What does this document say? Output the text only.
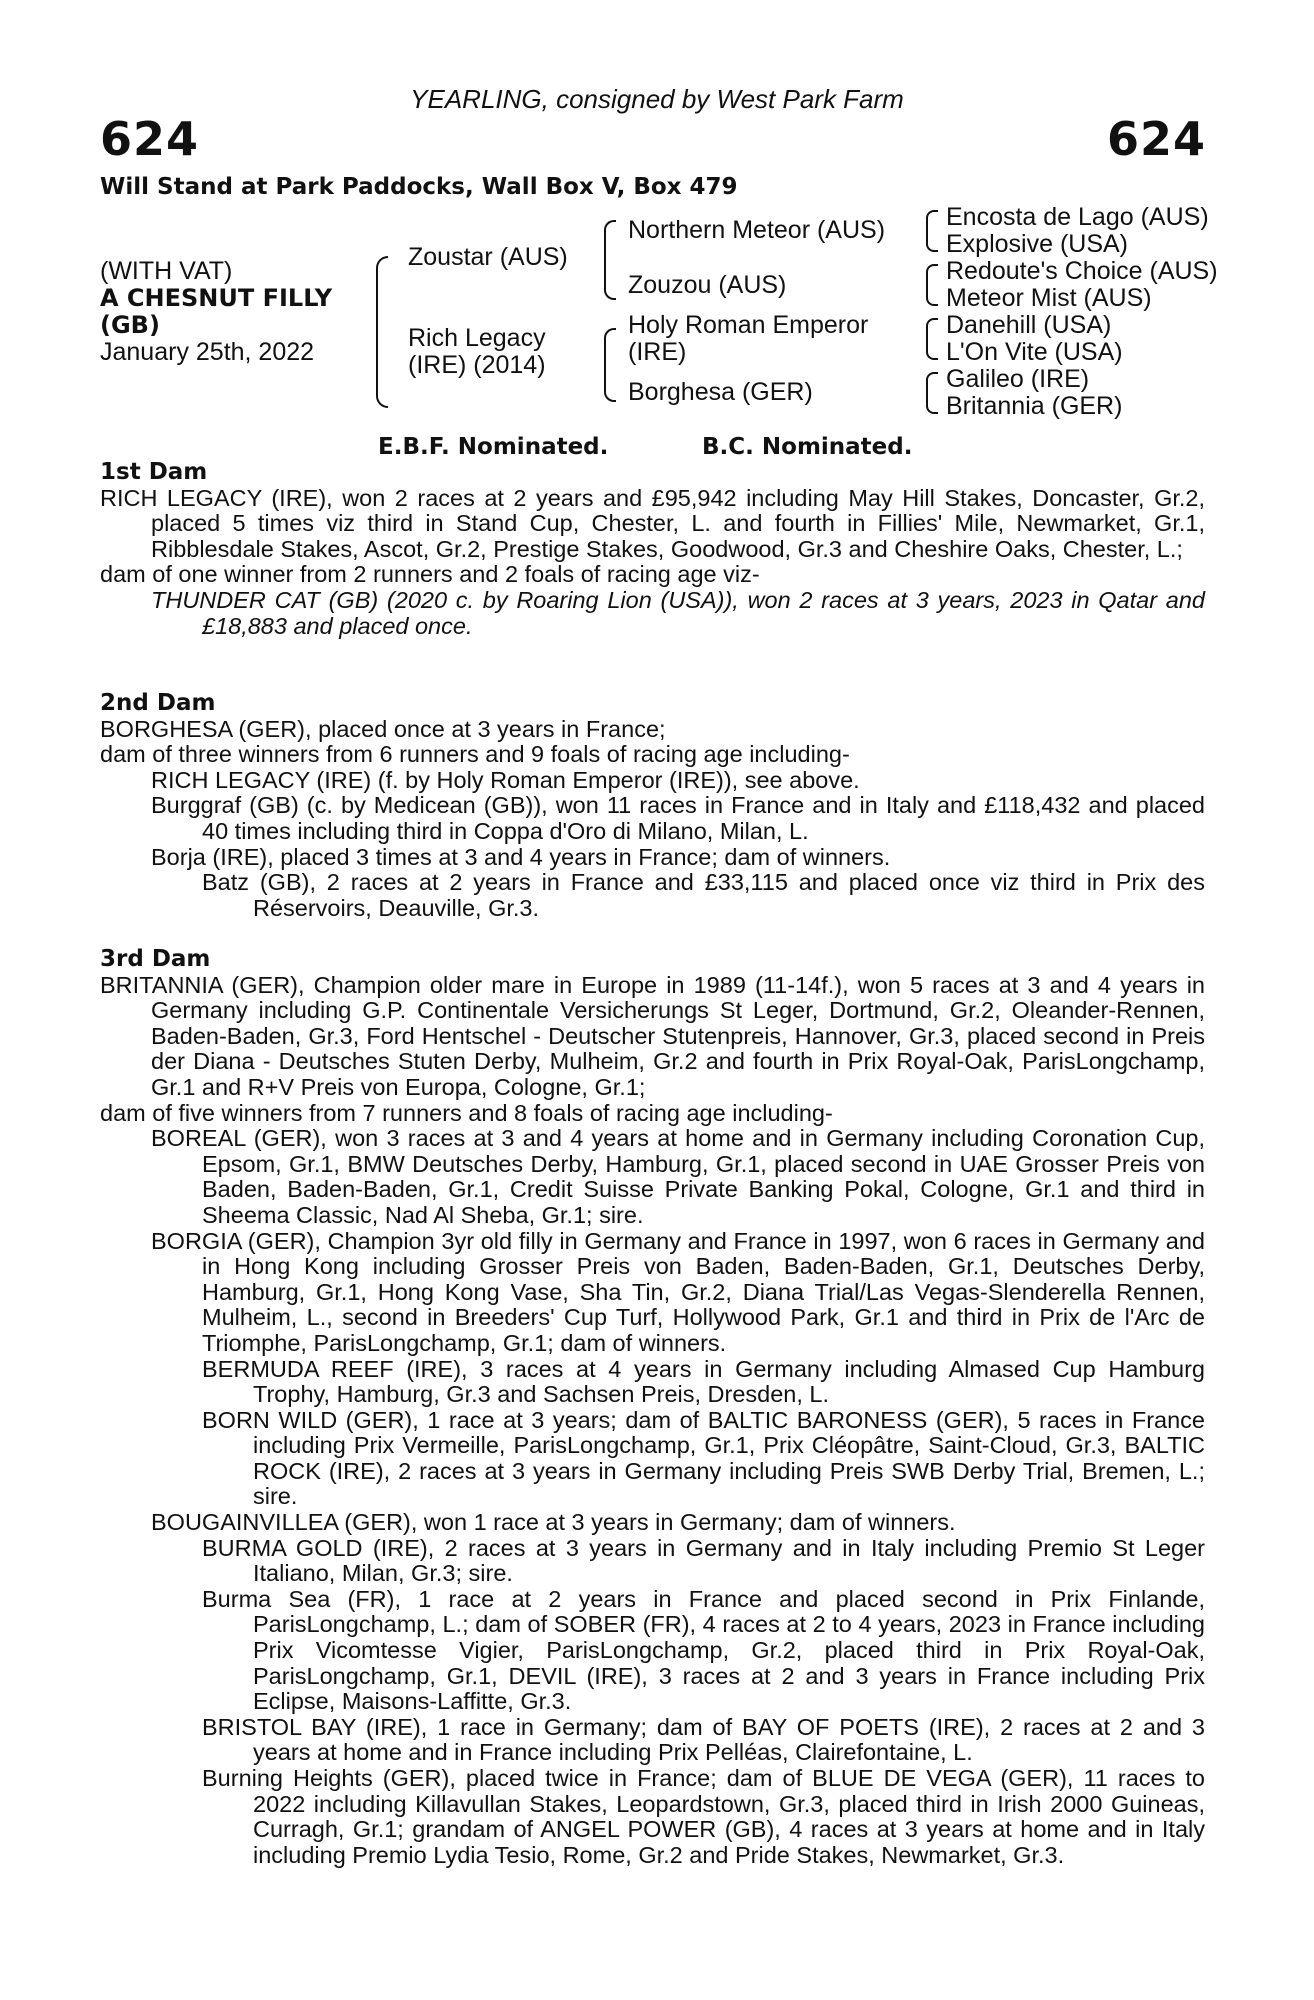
YEARLING, consigned by West Park Farm
624	624
Will Stand at Park Paddocks, Wall Box V, Box 479
(WITH VAT)
A CHESNUT FILLY (GB)
January 25th, 2022
Zoustar (AUS)
Rich Legacy (IRE) (2014)
Northern Meteor (AUS)
Zouzou (AUS)
Holy Roman Emperor (IRE)
Borghesa (GER)
Encosta de Lago (AUS)
Explosive (USA)
Redoute's Choice (AUS)
Meteor Mist (AUS)
Danehill (USA)
L'On Vite (USA)
Galileo (IRE)
Britannia (GER)
E.B.F. Nominated.	B.C. Nominated.
1st Dam
RICH LEGACY (IRE), won 2 races at 2 years and £95,942 including May Hill Stakes, Doncaster, Gr.2, placed 5 times viz third in Stand Cup, Chester, L. and fourth in Fillies' Mile, Newmarket, Gr.1, Ribblesdale Stakes, Ascot, Gr.2, Prestige Stakes, Goodwood, Gr.3 and Cheshire Oaks, Chester, L.;
dam of one winner from 2 runners and 2 foals of racing age viz-
THUNDER CAT (GB) (2020 c. by Roaring Lion (USA)), won 2 races at 3 years, 2023 in Qatar and £18,883 and placed once.
2nd Dam
BORGHESA (GER), placed once at 3 years in France;
dam of three winners from 6 runners and 9 foals of racing age including-
RICH LEGACY (IRE) (f. by Holy Roman Emperor (IRE)), see above.
Burggraf (GB) (c. by Medicean (GB)), won 11 races in France and in Italy and £118,432 and placed 40 times including third in Coppa d'Oro di Milano, Milan, L.
Borja (IRE), placed 3 times at 3 and 4 years in France; dam of winners.
Batz (GB), 2 races at 2 years in France and £33,115 and placed once viz third in Prix des Réservoirs, Deauville, Gr.3.
3rd Dam
BRITANNIA (GER), Champion older mare in Europe in 1989 (11-14f.), won 5 races at 3 and 4 years in Germany including G.P. Continentale Versicherungs St Leger, Dortmund, Gr.2, Oleander-Rennen, Baden-Baden, Gr.3, Ford Hentschel - Deutscher Stutenpreis, Hannover, Gr.3, placed second in Preis der Diana - Deutsches Stuten Derby, Mulheim, Gr.2 and fourth in Prix Royal-Oak, ParisLongchamp, Gr.1 and R+V Preis von Europa, Cologne, Gr.1;
dam of five winners from 7 runners and 8 foals of racing age including-
BOREAL (GER), won 3 races at 3 and 4 years at home and in Germany including Coronation Cup, Epsom, Gr.1, BMW Deutsches Derby, Hamburg, Gr.1, placed second in UAE Grosser Preis von Baden, Baden-Baden, Gr.1, Credit Suisse Private Banking Pokal, Cologne, Gr.1 and third in Sheema Classic, Nad Al Sheba, Gr.1; sire.
BORGIA (GER), Champion 3yr old filly in Germany and France in 1997, won 6 races in Germany and in Hong Kong including Grosser Preis von Baden, Baden-Baden, Gr.1, Deutsches Derby, Hamburg, Gr.1, Hong Kong Vase, Sha Tin, Gr.2, Diana Trial/Las Vegas-Slenderella Rennen, Mulheim, L., second in Breeders' Cup Turf, Hollywood Park, Gr.1 and third in Prix de l'Arc de Triomphe, ParisLongchamp, Gr.1; dam of winners.
BERMUDA REEF (IRE), 3 races at 4 years in Germany including Almased Cup Hamburg Trophy, Hamburg, Gr.3 and Sachsen Preis, Dresden, L.
BORN WILD (GER), 1 race at 3 years; dam of BALTIC BARONESS (GER), 5 races in France including Prix Vermeille, ParisLongchamp, Gr.1, Prix Cléopâtre, Saint-Cloud, Gr.3, BALTIC ROCK (IRE), 2 races at 3 years in Germany including Preis SWB Derby Trial, Bremen, L.; sire.
BOUGAINVILLEA (GER), won 1 race at 3 years in Germany; dam of winners.
BURMA GOLD (IRE), 2 races at 3 years in Germany and in Italy including Premio St Leger Italiano, Milan, Gr.3; sire.
Burma Sea (FR), 1 race at 2 years in France and placed second in Prix Finlande, ParisLongchamp, L.; dam of SOBER (FR), 4 races at 2 to 4 years, 2023 in France including Prix Vicomtesse Vigier, ParisLongchamp, Gr.2, placed third in Prix Royal-Oak, ParisLongchamp, Gr.1, DEVIL (IRE), 3 races at 2 and 3 years in France including Prix Eclipse, Maisons-Laffitte, Gr.3.
BRISTOL BAY (IRE), 1 race in Germany; dam of BAY OF POETS (IRE), 2 races at 2 and 3 years at home and in France including Prix Pelléas, Clairefontaine, L.
Burning Heights (GER), placed twice in France; dam of BLUE DE VEGA (GER), 11 races to 2022 including Killavullan Stakes, Leopardstown, Gr.3, placed third in Irish 2000 Guineas, Curragh, Gr.1; grandam of ANGEL POWER (GB), 4 races at 3 years at home and in Italy including Premio Lydia Tesio, Rome, Gr.2 and Pride Stakes, Newmarket, Gr.3.
